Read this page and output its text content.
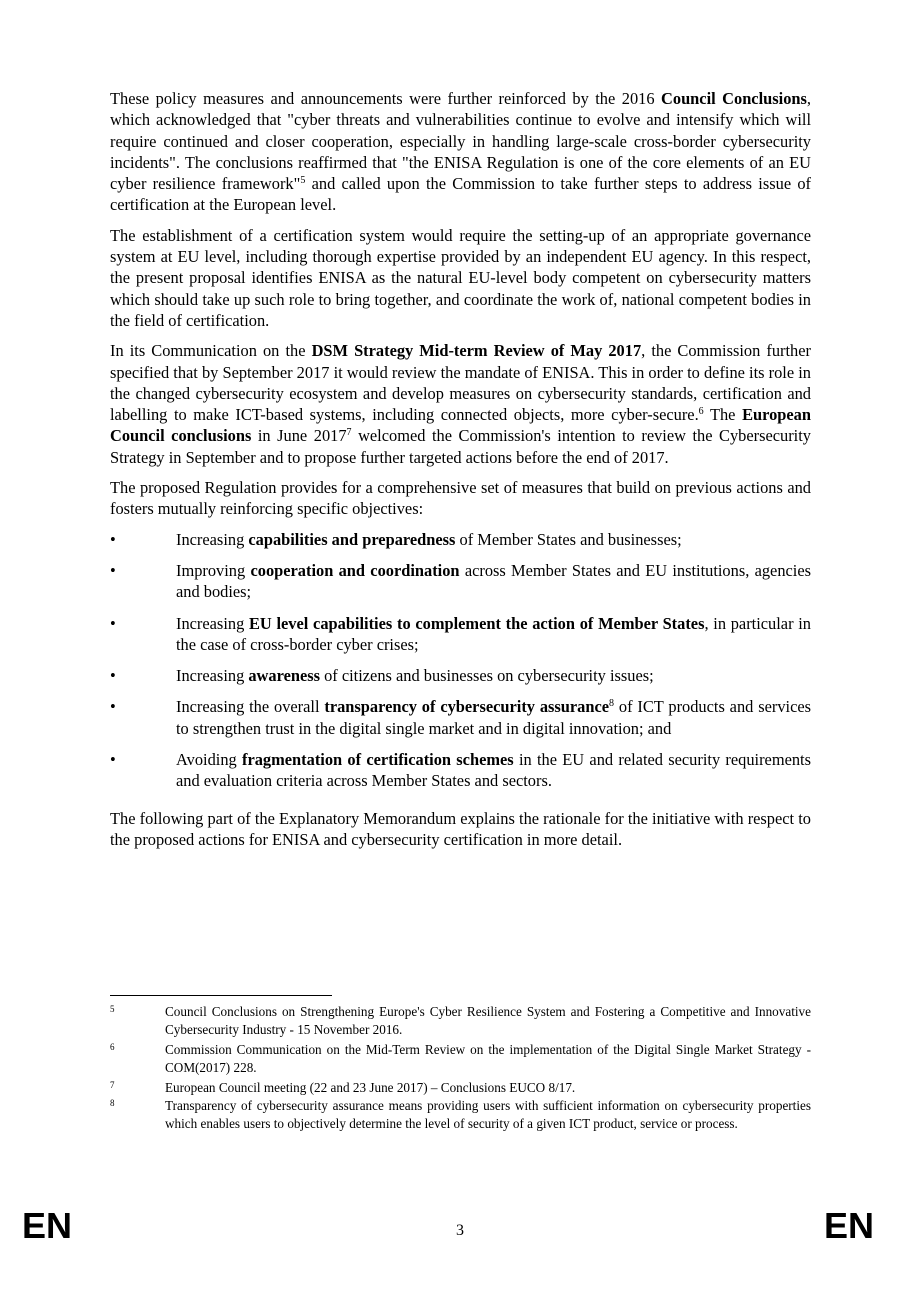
These policy measures and announcements were further reinforced by the 2016 Council Conclusions, which acknowledged that "cyber threats and vulnerabilities continue to evolve and intensify which will require continued and closer cooperation, especially in handling large-scale cross-border cybersecurity incidents". The conclusions reaffirmed that "the ENISA Regulation is one of the core elements of an EU cyber resilience framework"$^5$ and called upon the Commission to take further steps to address issue of certification at the European level.

The establishment of a certification system would require the setting-up of an appropriate governance system at EU level, including thorough expertise provided by an independent EU agency. In this respect, the present proposal identifies ENISA as the natural EU-level body competent on cybersecurity matters which should take up such role to bring together, and coordinate the work of, national competent bodies in the field of certification.

In its Communication on the DSM Strategy Mid-term Review of May 2017, the Commission further specified that by September 2017 it would review the mandate of ENISA. This in order to define its role in the changed cybersecurity ecosystem and develop measures on cybersecurity standards, certification and labelling to make ICT-based systems, including connected objects, more cyber-secure.$^6$ The European Council conclusions in June 2017$^7$ welcomed the Commission's intention to review the Cybersecurity Strategy in September and to propose further targeted actions before the end of 2017.

The proposed Regulation provides for a comprehensive set of measures that build on previous actions and fosters mutually reinforcing specific objectives:

•	Increasing capabilities and preparedness of Member States and businesses;
•	Improving cooperation and coordination across Member States and EU institutions, agencies and bodies;
•	Increasing EU level capabilities to complement the action of Member States, in particular in the case of cross-border cyber crises;
•	Increasing awareness of citizens and businesses on cybersecurity issues;
•	Increasing the overall transparency of cybersecurity assurance$^8$ of ICT products and services to strengthen trust in the digital single market and in digital innovation; and
•	Avoiding fragmentation of certification schemes in the EU and related security requirements and evaluation criteria across Member States and sectors.

The following part of the Explanatory Memorandum explains the rationale for the initiative with respect to the proposed actions for ENISA and cybersecurity certification in more detail.

5	Council Conclusions on Strengthening Europe's Cyber Resilience System and Fostering a Competitive and Innovative Cybersecurity Industry - 15 November 2016.
6	Commission Communication on the Mid-Term Review on the implementation of the Digital Single Market Strategy - COM(2017) 228.
7	European Council meeting (22 and 23 June 2017) – Conclusions EUCO 8/17.
8	Transparency of cybersecurity assurance means providing users with sufficient information on cybersecurity properties which enables users to objectively determine the level of security of a given ICT product, service or process.
EN	3	EN
